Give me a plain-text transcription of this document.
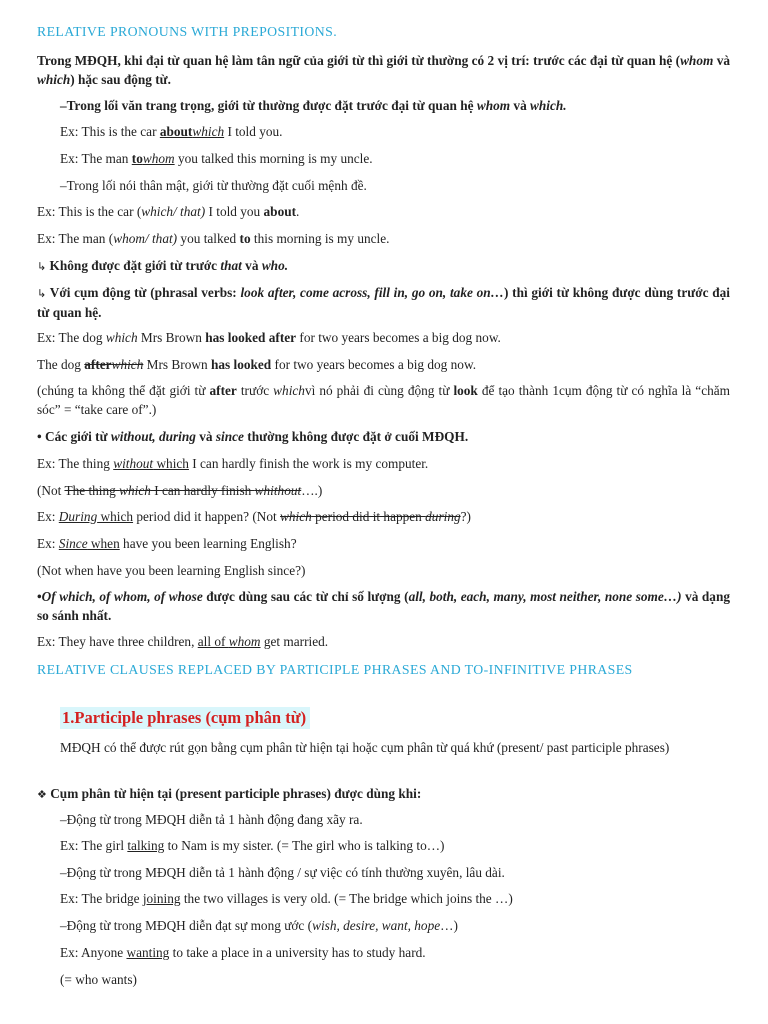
RELATIVE PRONOUNS WITH PREPOSITIONS.
Trong MĐQH, khi đại từ quan hệ làm tân ngữ của giới từ thì giới từ thường có 2 vị trí: trước các đại từ quan hệ (whom và which) hặc sau động từ.
–Trong lối văn trang trọng, giới từ thường được đặt trước đại từ quan hệ whom và which.
Ex: This is the car aboutwhich I told you.
Ex: The man towhom you talked this morning is my uncle.
–Trong lối nói thân mật, giới từ thường đặt cuối mệnh đề.
Ex: This is the car (which/ that) I told you about.
Ex: The man (whom/ that) you talked to this morning is my uncle.
↳ Không được đặt giới từ trước that và who.
↳ Với cụm động từ (phrasal verbs: look after, come across, fill in, go on, take on…) thì giới từ không được dùng trước đại từ quan hệ.
Ex: The dog which Mrs Brown has looked after for two years becomes a big dog now.
The dog afterwhich Mrs Brown has looked for two years becomes a big dog now.
(chúng ta không thể đặt giới từ after trước whichvì nó phải đi cùng động từ look để tạo thành 1cụm động từ có nghĩa là “chăm sóc” = “take care of”.)
• Các giới từ without, during và since thường không được đặt ở cuối MĐQH.
Ex: The thing without which I can hardly finish the work is my computer.
(Not The thing which I can hardly finish whithout….)
Ex: During which period did it happen? (Not which period did it happen during?)
Ex: Since when have you been learning English?
(Not when have you been learning English since?)
•Of which, of whom, of whose được dùng sau các từ chỉ số lượng (all, both, each, many, most neither, none some…) và dạng so sánh nhất.
Ex: They have three children, all of whom get married.
RELATIVE CLAUSES REPLACED BY PARTICIPLE PHRASES AND TO-INFINITIVE PHRASES
1.Participle phrases (cụm phân từ)
MĐQH có thể được rút gọn bằng cụm phân từ hiện tại hoặc cụm phân từ quá khứ (present/ past participle phrases)
❖ Cụm phân từ hiện tại (present participle phrases) được dùng khi:
–Động từ trong MĐQH diễn tả 1 hành động đang xãy ra.
Ex: The girl talking to Nam is my sister. (= The girl who is talking to…)
–Động từ trong MĐQH diễn tả 1 hành động / sự việc có tính thường xuyên, lâu dài.
Ex: The bridge joining the two villages is very old. (= The bridge which joins the …)
–Động từ trong MĐQH diễn đạt sự mong ước (wish, desire, want, hope…)
Ex: Anyone wanting to take a place in a university has to study hard.
(= who wants)
